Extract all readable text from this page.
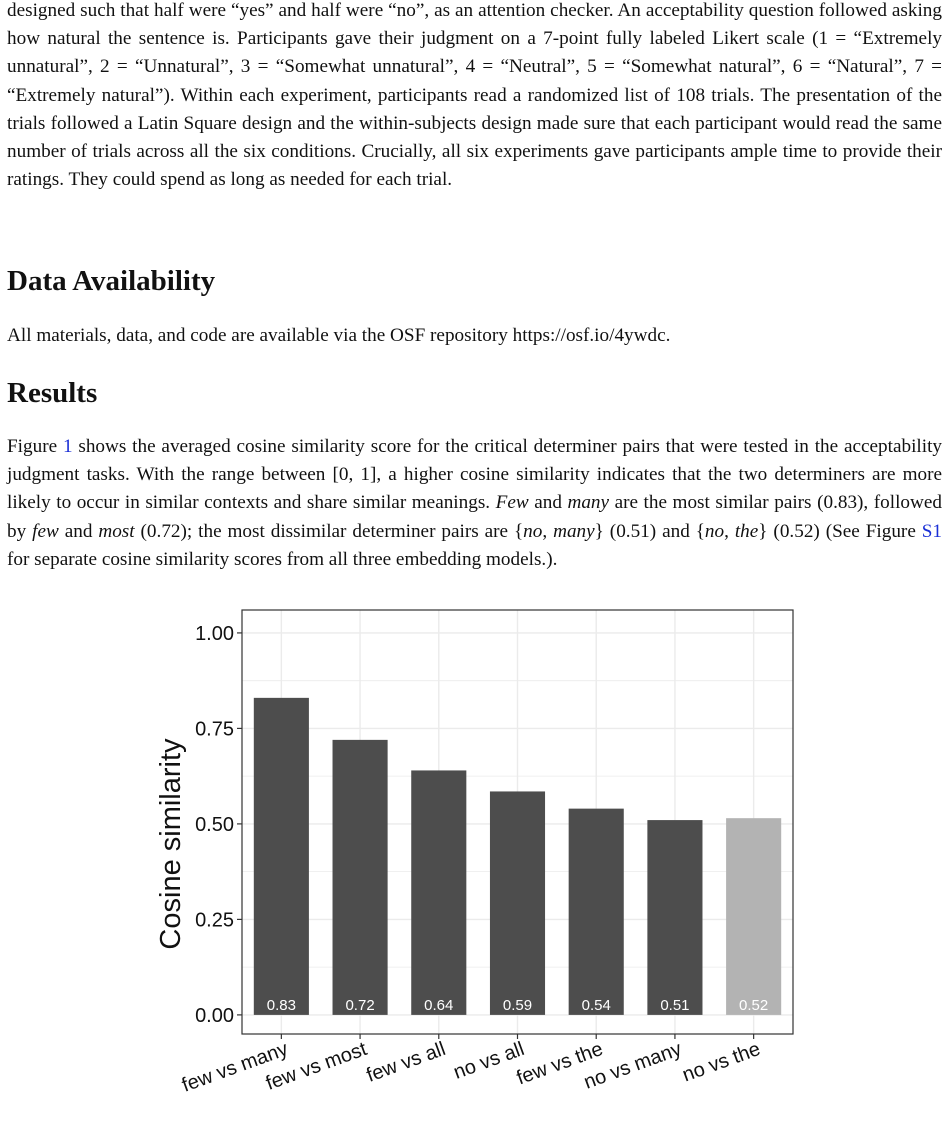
designed such that half were “yes” and half were “no”, as an attention checker. An acceptability question followed asking how natural the sentence is. Participants gave their judgment on a 7-point fully labeled Likert scale (1 = “Extremely unnatural”, 2 = “Unnatural”, 3 = “Somewhat unnatural”, 4 = “Neutral”, 5 = “Somewhat natural”, 6 = “Natural”, 7 = “Extremely natural”). Within each experiment, participants read a randomized list of 108 trials. The presentation of the trials followed a Latin Square design and the within-subjects design made sure that each participant would read the same number of trials across all the six conditions. Crucially, all six experiments gave participants ample time to provide their ratings. They could spend as long as needed for each trial.

Data Availability

All materials, data, and code are available via the OSF repository https://osf.io/4ywdc.

Results

Figure 1 shows the averaged cosine similarity score for the critical determiner pairs that were tested in the acceptability judgment tasks. With the range between [0, 1], a higher cosine similarity indicates that the two determiners are more likely to occur in similar contexts and share similar meanings. Few and many are the most similar pairs (0.83), followed by few and most (0.72); the most dissimilar determiner pairs are {no, many} (0.51) and {no, the} (0.52) (See Figure S1 for separate cosine similarity scores from all three embedding models.).

0.83	0.72	0.64	0.59	0.54	0.51	0.52
0.00
0.25
0.50
0.75
1.00
few vs many
few vs most
few vs all no vs all
few vs the
no vs many
no vs the
Cosine similarity
